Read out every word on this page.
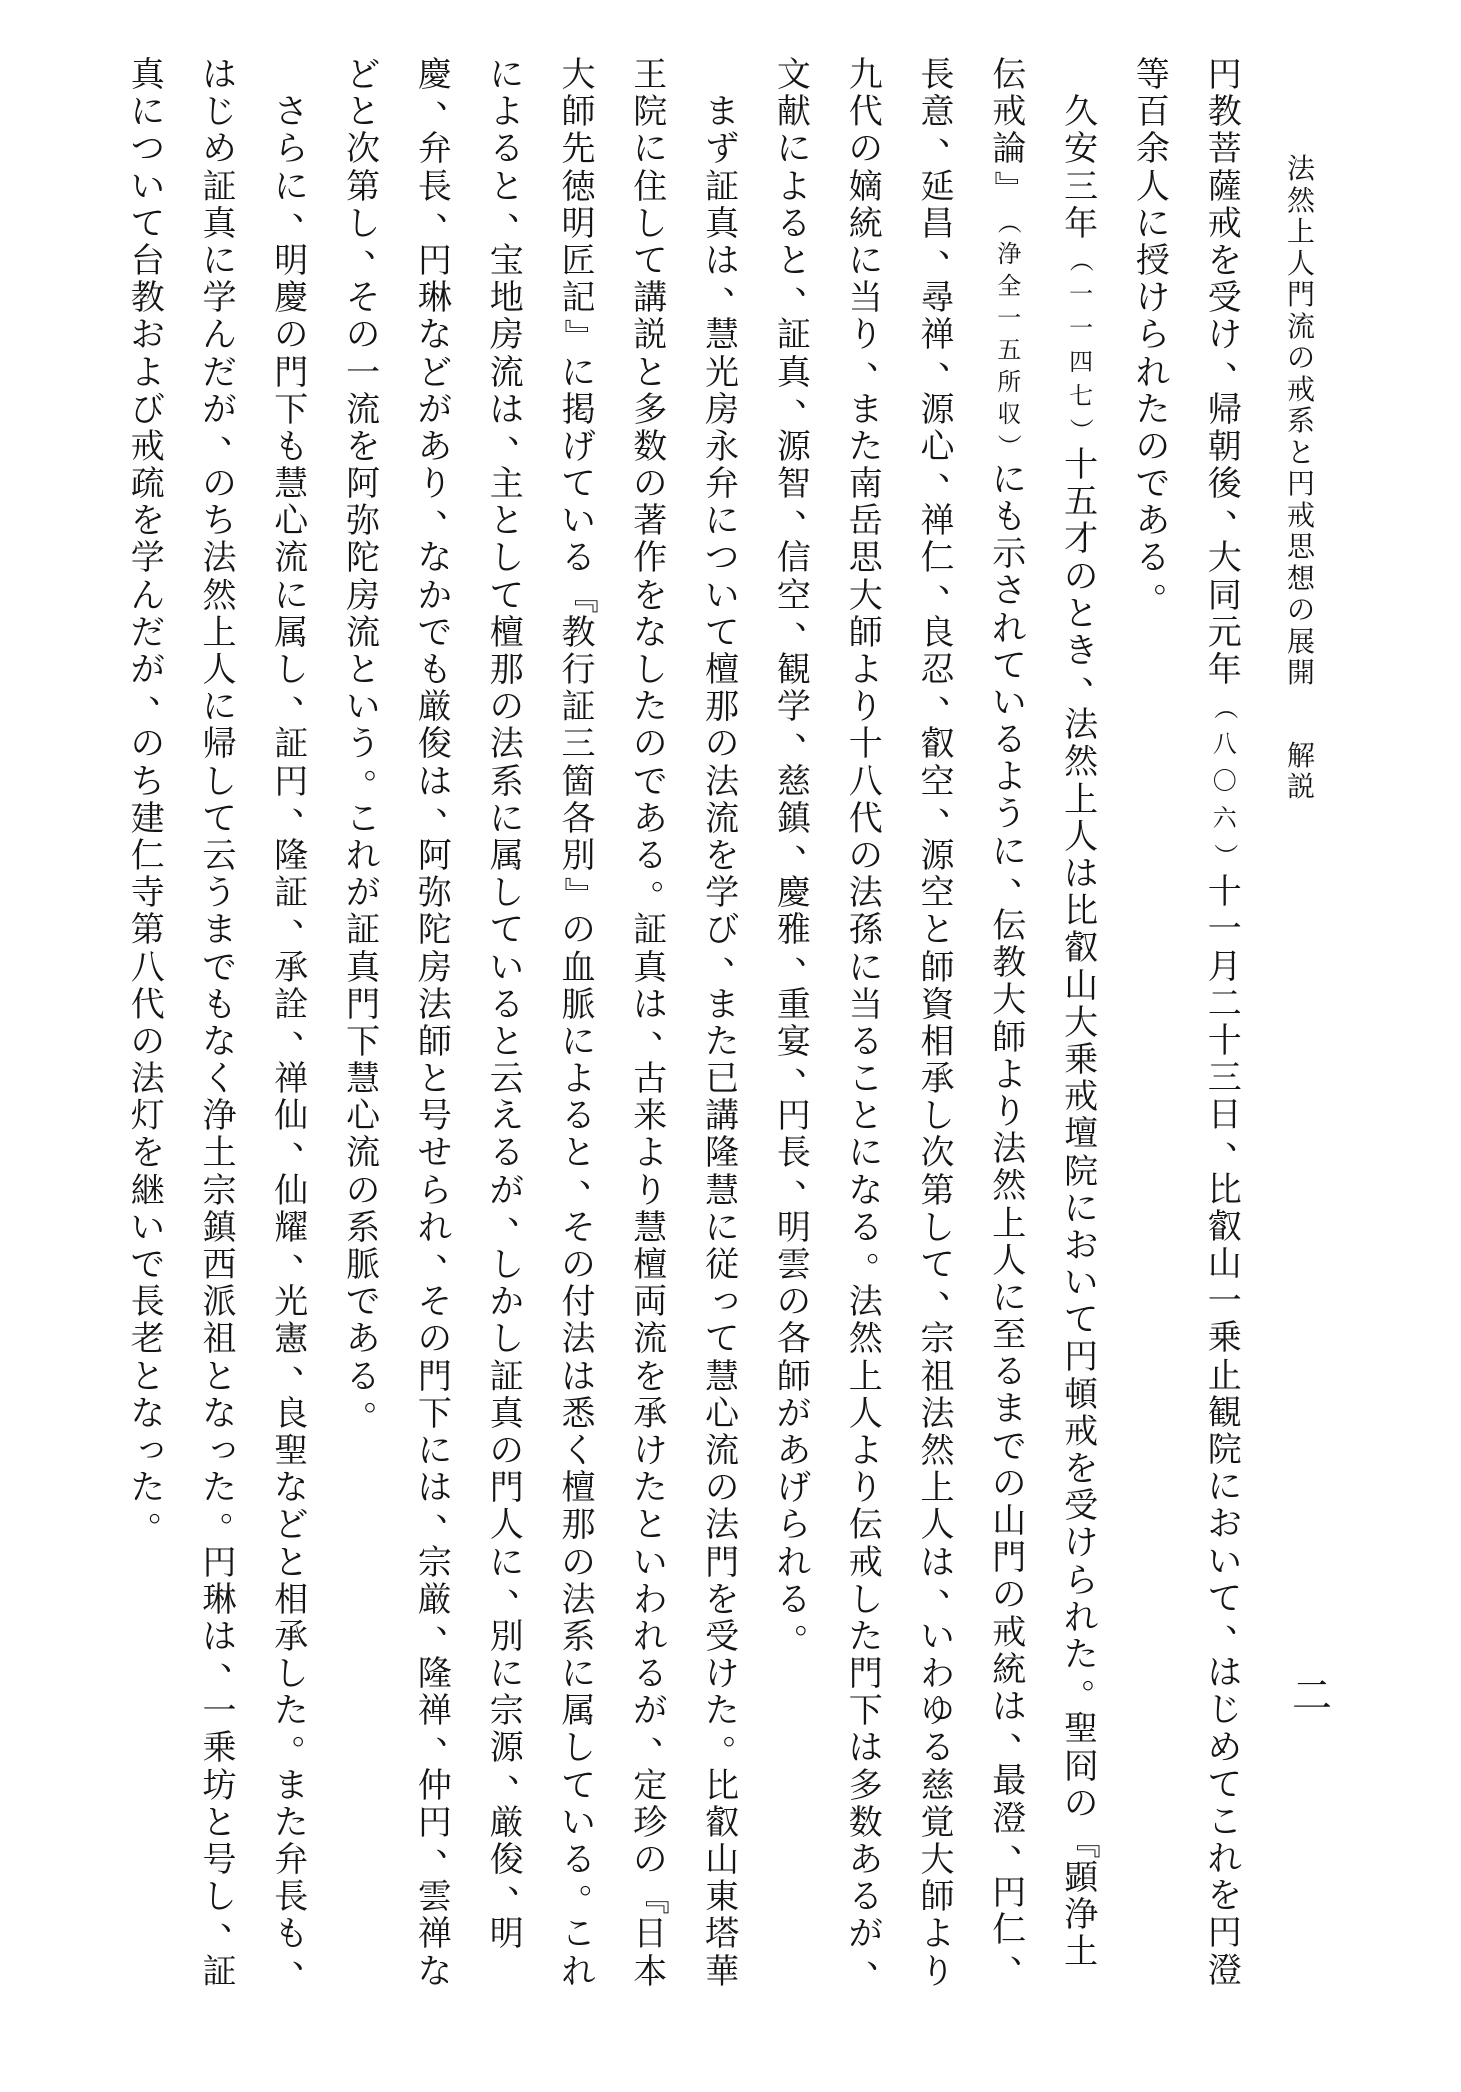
法
然
上
人
門
流
の
戒
系
と
円
戒
思
想
の
展
開
解
説
二
円
教
菩
薩
戒
を
受
け
、
帰
朝
後
、
大
同
元
年
（
八
〇
六
）
十
一
月
二
十
三
日
、
比
叡
山
一
乗
止
観
院
に
お
い
て
、
は
じ
め
て
こ
れ
を
円
澄
等
百
余
人
に
授
け
ら
れ
た
の
で
あ
る
。
久
安
三
年
（
一
一
四
七
）
十
五
才
の
と
き
、
法
然
上
人
は
比
叡
山
大
乗
戒
壇
院
に
お
い
て
円
頓
戒
を
受
け
ら
れ
た
。
聖
冏
の
『
顕
浄
土
伝
戒
論
』
（
浄
全
一
五
所
収
）
に
も
示
さ
れ
て
い
る
よ
う
に
、
伝
教
大
師
よ
り
法
然
上
人
に
至
る
ま
で
の
山
門
の
戒
統
は
、
最
澄
、
円
仁
、
長
意
、
延
昌
、
尋
禅
、
源
心
、
禅
仁
、
良
忍
、
叡
空
、
源
空
と
師
資
相
承
し
次
第
し
て
、
宗
祖
法
然
上
人
は
、
い
わ
ゆ
る
慈
覚
大
師
よ
り
九
代
の
嫡
統
に
当
り
、
ま
た
南
岳
思
大
師
よ
り
十
八
代
の
法
孫
に
当
る
こ
と
に
な
る
。
法
然
上
人
よ
り
伝
戒
し
た
門
下
は
多
数
あ
る
が
、
文
献
に
よ
る
と
、
証
真
、
源
智
、
信
空
、
観
学
、
慈
鎮
、
慶
雅
、
重
宴
、
円
長
、
明
雲
の
各
師
が
あ
げ
ら
れ
る
。
ま
ず
証
真
は
、
慧
光
房
永
弁
に
つ
い
て
檀
那
の
法
流
を
学
び
、
ま
た
已
講
隆
慧
に
従
っ
て
慧
心
流
の
法
門
を
受
け
た
。
比
叡
山
東
塔
華
王
院
に
住
し
て
講
説
と
多
数
の
著
作
を
な
し
た
の
で
あ
る
。
証
真
は
、
古
来
よ
り
慧
檀
両
流
を
承
け
た
と
い
わ
れ
る
が
、
定
珍
の
『
日
本
大
師
先
徳
明
匠
記
』
に
掲
げ
て
い
る
『
教
行
証
三
箇
各
別
』
の
血
脈
に
よ
る
と
、
そ
の
付
法
は
悉
く
檀
那
の
法
系
に
属
し
て
い
る
。
こ
れ
に
よ
る
と
、
宝
地
房
流
は
、
主
と
し
て
檀
那
の
法
系
に
属
し
て
い
る
と
云
え
る
が
、
し
か
し
証
真
の
門
人
に
、
別
に
宗
源
、
厳
俊
、
明
慶
、
弁
長
、
円
琳
な
ど
が
あ
り
、
な
か
で
も
厳
俊
は
、
阿
弥
陀
房
法
師
と
号
せ
ら
れ
、
そ
の
門
下
に
は
、
宗
厳
、
隆
禅
、
仲
円
、
雲
禅
な
ど
と
次
第
し
、
そ
の
一
流
を
阿
弥
陀
房
流
と
い
う
。
こ
れ
が
証
真
門
下
慧
心
流
の
系
脈
で
あ
る
。
さ
ら
に
、
明
慶
の
門
下
も
慧
心
流
に
属
し
、
証
円
、
隆
証
、
承
詮
、
禅
仙
、
仙
耀
、
光
憲
、
良
聖
な
ど
と
相
承
し
た
。
ま
た
弁
長
も
、
は
じ
め
証
真
に
学
ん
だ
が
、
の
ち
法
然
上
人
に
帰
し
て
云
う
ま
で
も
な
く
浄
土
宗
鎮
西
派
祖
と
な
っ
た
。
円
琳
は
、
一
乗
坊
と
号
し
、
証
真
に
つ
い
て
台
教
お
よ
び
戒
疏
を
学
ん
だ
が
、
の
ち
建
仁
寺
第
八
代
の
法
灯
を
継
い
で
長
老
と
な
っ
た
。
